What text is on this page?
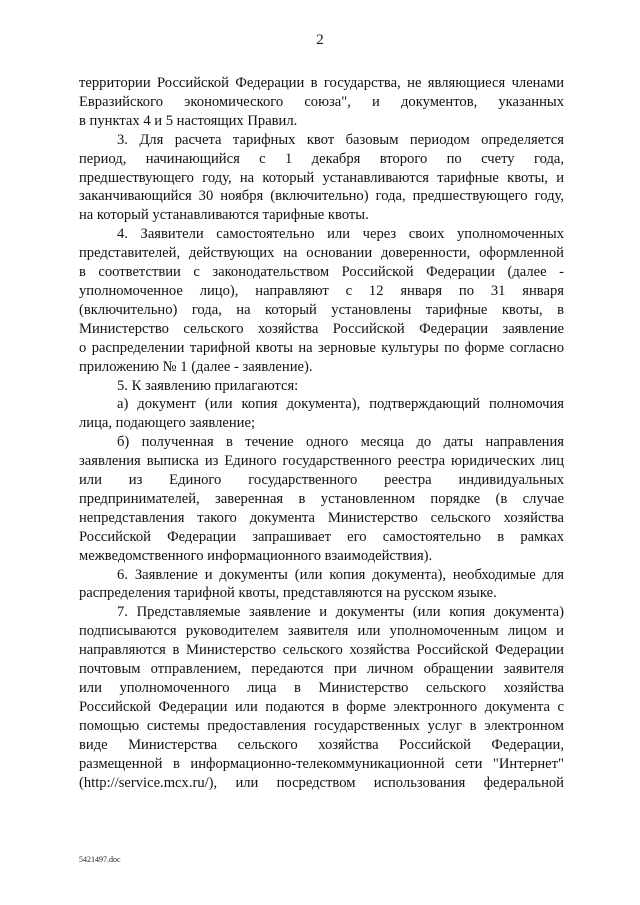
2
территории Российской Федерации в государства, не являющиеся членами
Евразийского экономического союза", и документов, указанных
в пунктах 4 и 5 настоящих Правил.
3. Для расчета тарифных квот базовым периодом определяется
период, начинающийся с 1 декабря второго по счету года,
предшествующего году, на который устанавливаются тарифные квоты, и
заканчивающийся 30 ноября (включительно) года, предшествующего году,
на который устанавливаются тарифные квоты.
4. Заявители самостоятельно или через своих уполномоченных
представителей, действующих на основании доверенности, оформленной
в соответствии с законодательством Российской Федерации (далее -
уполномоченное лицо), направляют с 12 января по 31 января
(включительно) года, на который установлены тарифные квоты, в
Министерство сельского хозяйства Российской Федерации заявление
о распределении тарифной квоты на зерновые культуры по форме согласно
приложению № 1 (далее - заявление).
5. К заявлению прилагаются:
а) документ (или копия документа), подтверждающий полномочия
лица, подающего заявление;
б) полученная в течение одного месяца до даты направления
заявления выписка из Единого государственного реестра юридических лиц
или из Единого государственного реестра индивидуальных
предпринимателей, заверенная в установленном порядке (в случае
непредставления такого документа Министерство сельского хозяйства
Российской Федерации запрашивает его самостоятельно в рамках
межведомственного информационного взаимодействия).
6. Заявление и документы (или копия документа), необходимые для
распределения тарифной квоты, представляются на русском языке.
7. Представляемые заявление и документы (или копия документа)
подписываются руководителем заявителя или уполномоченным лицом и
направляются в Министерство сельского хозяйства Российской Федерации
почтовым отправлением, передаются при личном обращении заявителя
или уполномоченного лица в Министерство сельского хозяйства
Российской Федерации или подаются в форме электронного документа с
помощью системы предоставления государственных услуг в электронном
виде Министерства сельского хозяйства Российской Федерации,
размещенной в информационно-телекоммуникационной сети "Интернет"
(http://service.mcx.ru/), или посредством использования федеральной
5421497.doc
